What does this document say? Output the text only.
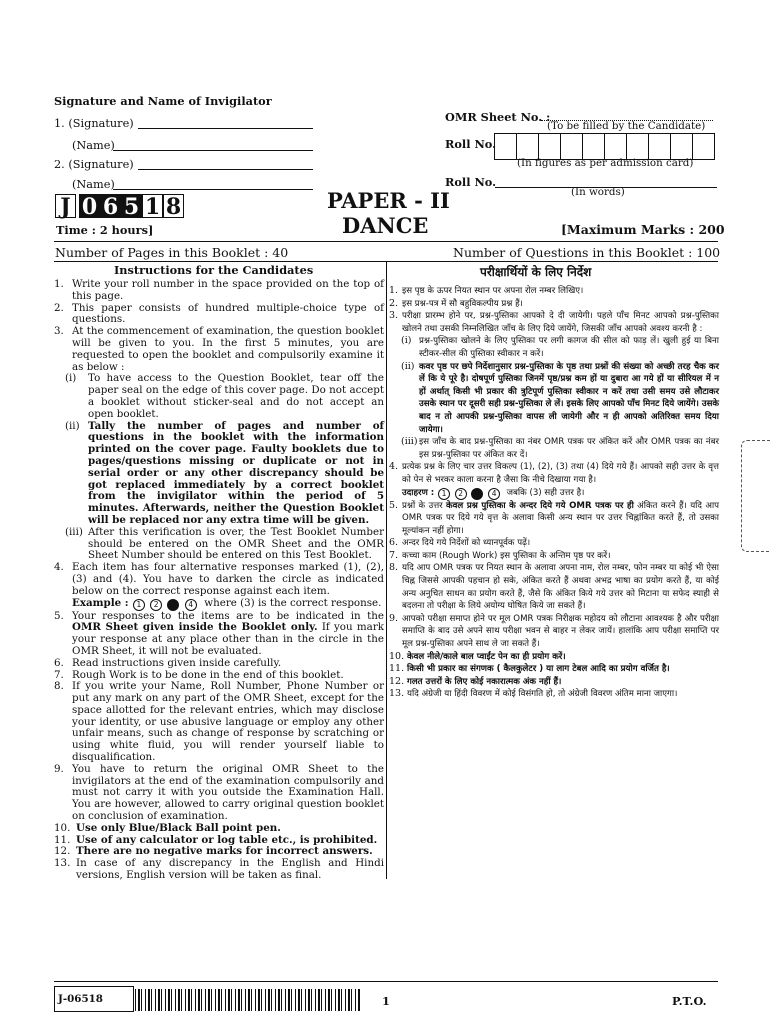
Signature and Name of Invigilator
1. (Signature)
(Name)
2. (Signature)
(Name)
OMR Sheet No. :
(To be filled by the Candidate)
Roll No.
(In figures as per admission card)
Roll No.
(In words)
J 0 6 5 1 8	PAPER - II
DANCE
Time : 2 hours]	[Maximum Marks : 200
Number of Pages in this Booklet : 40	Number of Questions in this Booklet : 100
Instructions for the Candidates

1. Write your roll number in the space provided on the top of this page.

2. This paper consists of hundred multiple-choice type of questions.

3. At the commencement of examination, the question booklet will be given to you. In the first 5 minutes, you are requested to open the booklet and compulsorily examine it as below :

(i) To have access to the Question Booklet, tear off the paper seal on the edge of this cover page. Do not accept a booklet without sticker-seal and do not accept an open booklet.
(ii) Tally the number of pages and number of questions in the booklet with the information printed on the cover page. Faulty booklets due to pages/questions missing or duplicate or not in serial order or any other discrepancy should be got replaced immediately by a correct booklet from the invigilator within the period of 5 minutes. Afterwards, neither the Question Booklet will be replaced nor any extra time will be given.
(iii) After this verification is over, the Test Booklet Number should be entered on the OMR Sheet and the OMR Sheet Number should be entered on this Test Booklet.

4. Each item has four alternative responses marked (1), (2), (3) and (4). You have to darken the circle as indicated below on the correct response against each item.

Example : 1 2 3 4 where (3) is the correct response.

5. Your responses to the items are to be indicated in the OMR Sheet given inside the Booklet only. If you mark your response at any place other than in the circle in the OMR Sheet, it will not be evaluated.

6. Read instructions given inside carefully.

7. Rough Work is to be done in the end of this booklet.

8. If you write your Name, Roll Number, Phone Number or put any mark on any part of the OMR Sheet, except for the space allotted for the relevant entries, which may disclose your identity, or use abusive language or employ any other unfair means, such as change of response by scratching or using white fluid, you will render yourself liable to disqualification.

9. You have to return the original OMR Sheet to the invigilators at the end of the examination compulsorily and must not carry it with you outside the Examination Hall. You are however, allowed to carry original question booklet on conclusion of examination.

10. Use only Blue/Black Ball point pen.

11. Use of any calculator or log table etc., is prohibited.

12. There are no negative marks for incorrect answers.

13. In case of any discrepancy in the English and Hindi versions, English version will be taken as final.

परीक्षार्थियों के लिए निर्देश

1. इस पृष्ठ के ऊपर नियत स्थान पर अपना रोल नम्बर लिखिए।

2. इस प्रश्न-पत्र में सौ बहुविकल्पीय प्रश्न हैं।

3. परीक्षा प्रारम्भ होने पर, प्रश्न-पुस्तिका आपको दे दी जायेगी। पहले पाँच मिनट आपको प्रश्न-पुस्तिका खोलने तथा उसकी निम्नलिखित जाँच के लिए दिये जायेंगे, जिसकी जाँच आपको अवश्य करनी है :

(i) प्रश्न-पुस्तिका खोलने के लिए पुस्तिका पर लगी कागज की सील को फाड़ लें। खुली हुई या बिना स्टीकर-सील की पुस्तिका स्वीकार न करें।
(ii) कवर पृष्ठ पर छपे निर्देशानुसार प्रश्न-पुस्तिका के पृष्ठ तथा प्रश्नों की संख्या को अच्छी तरह चैक कर लें कि ये पूरे है। दोषपूर्ण पुस्तिका जिनमें पृष्ठ/प्रश्न कम हों या दुबारा आ गये हों या सीरियल में न हों अर्थात् किसी भी प्रकार की त्रुटिपूर्ण पुस्तिका स्वीकार न करें तथा उसी समय उसे लौटाकर उसके स्थान पर दूसरी सही प्रश्न-पुस्तिका ले लें। इसके लिए आपको पाँच मिनट दिये जायेंगे। उसके बाद न तो आपकी प्रश्न-पुस्तिका वापस ली जायेगी और न ही आपको अतिरिक्त समय दिया जायेगा।
(iii) इस जाँच के बाद प्रश्न-पुस्तिका का नंबर OMR पत्रक पर अंकित करें और OMR पत्रक का नंबर इस प्रश्न-पुस्तिका पर अंकित कर दें।

4. प्रत्येक प्रश्न के लिए चार उत्तर विकल्प (1), (2), (3) तथा (4) दिये गये हैं। आपको सही उत्तर के वृत्त को पेन से भरकर काला करना है जैसा कि नीचे दिखाया गया है।

उदाहरण : 1 2 3 4 जबकि (3) सही उत्तर है।

5. प्रश्नों के उत्तर केवल प्रश्न पुस्तिका के अन्दर दिये गये OMR पत्रक पर ही अंकित करने हैं। यदि आप OMR पत्रक पर दिये गये वृत्त के अलावा किसी अन्य स्थान पर उत्तर चिह्नांकित करते हैं, तो उसका मूल्यांकन नहीं होगा।

6. अन्दर दिये गये निर्देशों को ध्यानपूर्वक पढ़ें।

7. कच्चा काम (Rough Work) इस पुस्तिका के अन्तिम पृष्ठ पर करें।

8. यदि आप OMR पत्रक पर नियत स्थान के अलावा अपना नाम, रोल नम्बर, फोन नम्बर या कोई भी ऐसा चिह्न जिससे आपकी पहचान हो सके, अंकित करते हैं अथवा अभद्र भाषा का प्रयोग करते हैं, या कोई अन्य अनुचित साधन का प्रयोग करते हैं, जैसे कि अंकित किये गये उत्तर को मिटाना या सफेद स्याही से बदलना तो परीक्षा के लिये अयोग्य घोषित किये जा सकते हैं।

9. आपको परीक्षा समाप्त होने पर मूल OMR पत्रक निरीक्षक महोदय को लौटाना आवश्यक है और परीक्षा समाप्ति के बाद उसे अपने साथ परीक्षा भवन से बाहर न लेकर जायें। हालांकि आप परीक्षा समाप्ति पर मूल प्रश्न-पुस्तिका अपने साथ ले जा सकते हैं।

10. केवल नीले/काले बाल प्वाईंट पेन का ही प्रयोग करें।

11. किसी भी प्रकार का संगणक ( कैलकुलेटर ) या लाग टेबल आदि का प्रयोग वर्जित है।

12. गलत उत्तरों के लिए कोई नकारात्मक अंक नहीं हैं।

13. यदि अंग्रेजी या हिंदी विवरण में कोई विसंगति हो, तो अंग्रेजी विवरण अंतिम माना जाएगा।

J-06518	1	P.T.O.
